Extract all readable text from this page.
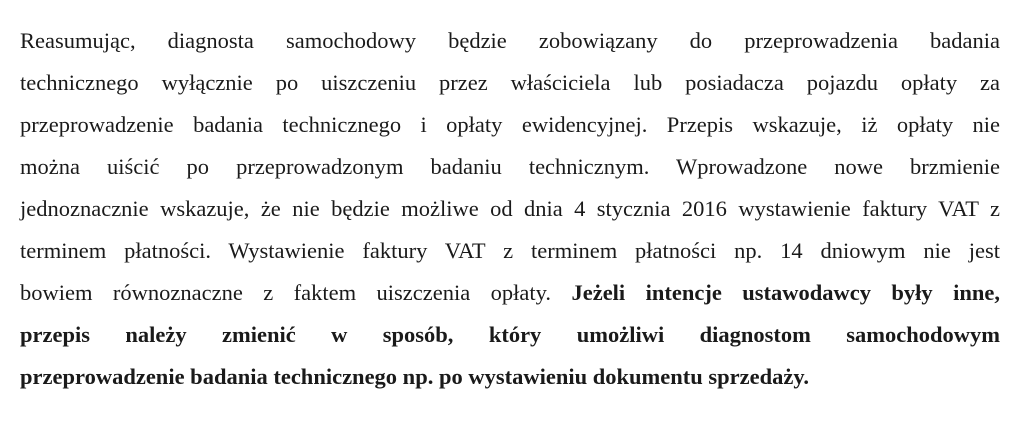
Reasumując, diagnosta samochodowy będzie zobowiązany do przeprowadzenia badania
technicznego wyłącznie po uiszczeniu przez właściciela lub posiadacza pojazdu opłaty za
przeprowadzenie badania technicznego i opłaty ewidencyjnej. Przepis wskazuje, iż opłaty nie
można uiścić po przeprowadzonym badaniu technicznym. Wprowadzone nowe brzmienie
jednoznacznie wskazuje, że nie będzie możliwe od dnia 4 stycznia 2016 wystawienie faktury VAT z
terminem płatności. Wystawienie faktury VAT z terminem płatności np. 14 dniowym nie jest
bowiem równoznaczne z faktem uiszczenia opłaty. Jeżeli intencje ustawodawcy były inne,
przepis należy zmienić w sposób, który umożliwi diagnostom samochodowym
przeprowadzenie badania technicznego np. po wystawieniu dokumentu sprzedaży.
